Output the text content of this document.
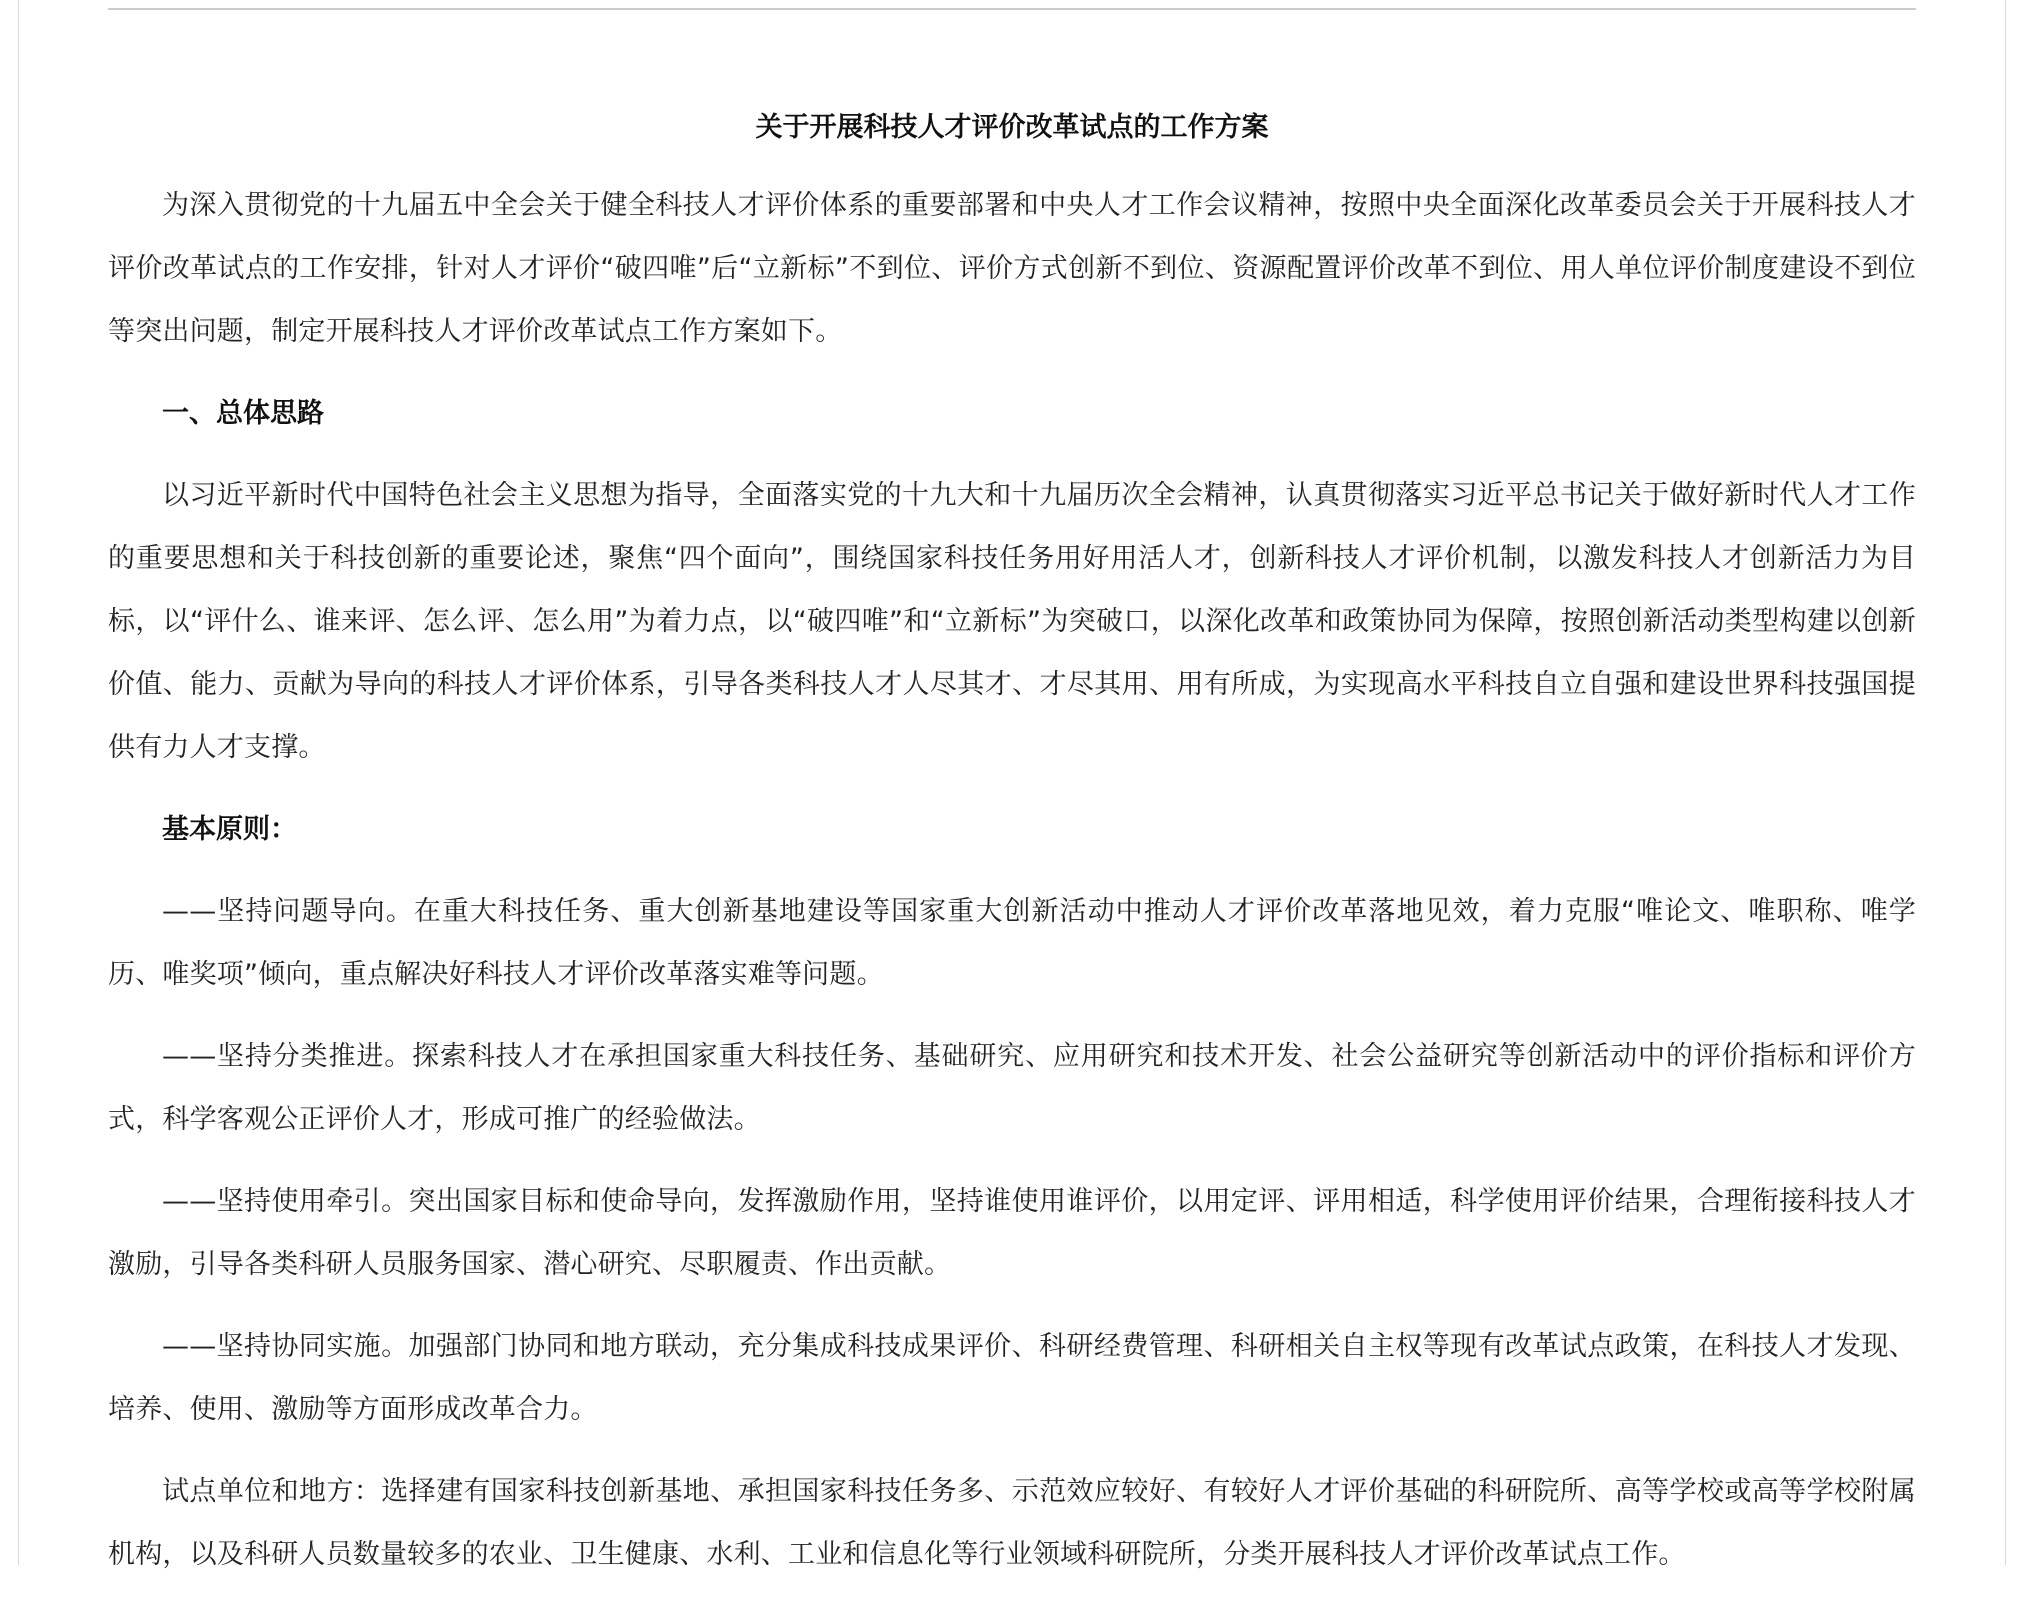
关于开展科技人才评价改革试点的工作方案

为深入贯彻党的十九届五中全会关于健全科技人才评价体系的重要部署和中央人才工作会议精神，按照中央全面深化改革委员会关于开展科技人才评价改革试点的工作安排，针对人才评价“破四唯”后“立新标”不到位、评价方式创新不到位、资源配置评价改革不到位、用人单位评价制度建设不到位等突出问题，制定开展科技人才评价改革试点工作方案如下。

一、总体思路

以习近平新时代中国特色社会主义思想为指导，全面落实党的十九大和十九届历次全会精神，认真贯彻落实习近平总书记关于做好新时代人才工作的重要思想和关于科技创新的重要论述，聚焦“四个面向”，围绕国家科技任务用好用活人才，创新科技人才评价机制，以激发科技人才创新活力为目标，以“评什么、谁来评、怎么评、怎么用”为着力点，以“破四唯”和“立新标”为突破口，以深化改革和政策协同为保障，按照创新活动类型构建以创新价值、能力、贡献为导向的科技人才评价体系，引导各类科技人才人尽其才、才尽其用、用有所成，为实现高水平科技自立自强和建设世界科技强国提供有力人才支撑。

基本原则：

——坚持问题导向。在重大科技任务、重大创新基地建设等国家重大创新活动中推动人才评价改革落地见效，着力克服“唯论文、唯职称、唯学历、唯奖项”倾向，重点解决好科技人才评价改革落实难等问题。

——坚持分类推进。探索科技人才在承担国家重大科技任务、基础研究、应用研究和技术开发、社会公益研究等创新活动中的评价指标和评价方式，科学客观公正评价人才，形成可推广的经验做法。

——坚持使用牵引。突出国家目标和使命导向，发挥激励作用，坚持谁使用谁评价，以用定评、评用相适，科学使用评价结果，合理衔接科技人才激励，引导各类科研人员服务国家、潜心研究、尽职履责、作出贡献。

——坚持协同实施。加强部门协同和地方联动，充分集成科技成果评价、科研经费管理、科研相关自主权等现有改革试点政策，在科技人才发现、培养、使用、激励等方面形成改革合力。

试点单位和地方：选择建有国家科技创新基地、承担国家科技任务多、示范效应较好、有较好人才评价基础的科研院所、高等学校或高等学校附属机构，以及科研人员数量较多的农业、卫生健康、水利、工业和信息化等行业领域科研院所，分类开展科技人才评价改革试点工作。
